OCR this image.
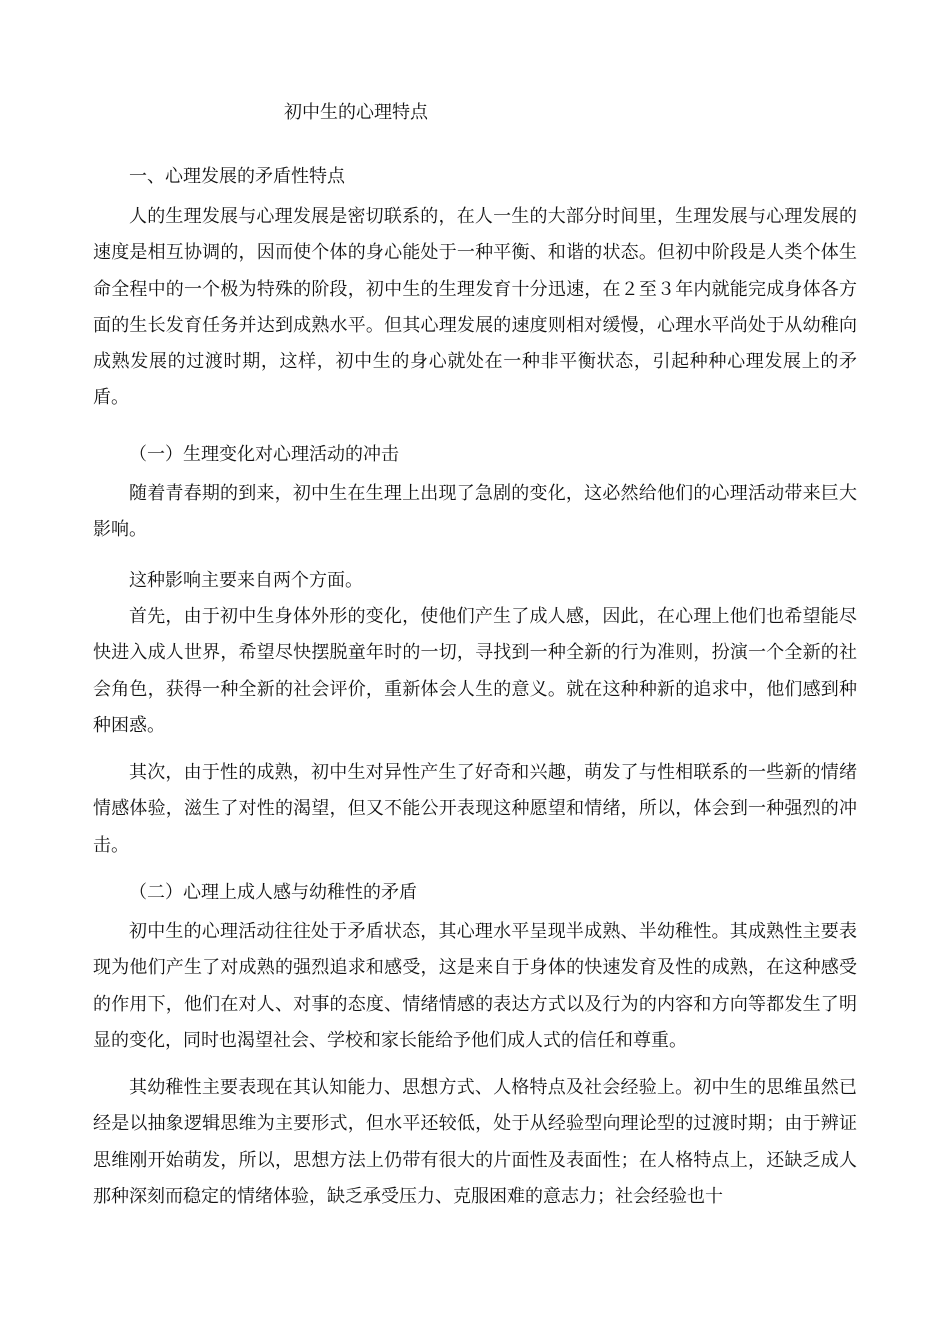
初中生的心理特点
一、心理发展的矛盾性特点

人的生理发展与心理发展是密切联系的，在人一生的大部分时间里，生理发展与心理发展的速度是相互协调的，因而使个体的身心能处于一种平衡、和谐的状态。但初中阶段是人类个体生命全程中的一个极为特殊的阶段，初中生的生理发育十分迅速，在２至３年内就能完成身体各方面的生长发育任务并达到成熟水平。但其心理发展的速度则相对缓慢，心理水平尚处于从幼稚向成熟发展的过渡时期，这样，初中生的身心就处在一种非平衡状态，引起种种心理发展上的矛盾。

（一）生理变化对心理活动的冲击

随着青春期的到来，初中生在生理上出现了急剧的变化，这必然给他们的心理活动带来巨大影响。

这种影响主要来自两个方面。

首先，由于初中生身体外形的变化，使他们产生了成人感，因此，在心理上他们也希望能尽快进入成人世界，希望尽快摆脱童年时的一切，寻找到一种全新的行为准则，扮演一个全新的社会角色，获得一种全新的社会评价，重新体会人生的意义。就在这种种新的追求中，他们感到种种困惑。

其次，由于性的成熟，初中生对异性产生了好奇和兴趣，萌发了与性相联系的一些新的情绪情感体验，滋生了对性的渴望，但又不能公开表现这种愿望和情绪，所以，体会到一种强烈的冲击。

（二）心理上成人感与幼稚性的矛盾

初中生的心理活动往往处于矛盾状态，其心理水平呈现半成熟、半幼稚性。其成熟性主要表现为他们产生了对成熟的强烈追求和感受，这是来自于身体的快速发育及性的成熟，在这种感受的作用下，他们在对人、对事的态度、情绪情感的表达方式以及行为的内容和方向等都发生了明显的变化，同时也渴望社会、学校和家长能给予他们成人式的信任和尊重。

其幼稚性主要表现在其认知能力、思想方式、人格特点及社会经验上。初中生的思维虽然已经是以抽象逻辑思维为主要形式，但水平还较低，处于从经验型向理论型的过渡时期；由于辨证思维刚开始萌发，所以，思想方法上仍带有很大的片面性及表面性；在人格特点上，还缺乏成人那种深刻而稳定的情绪体验，缺乏承受压力、克服困难的意志力；社会经验也十
